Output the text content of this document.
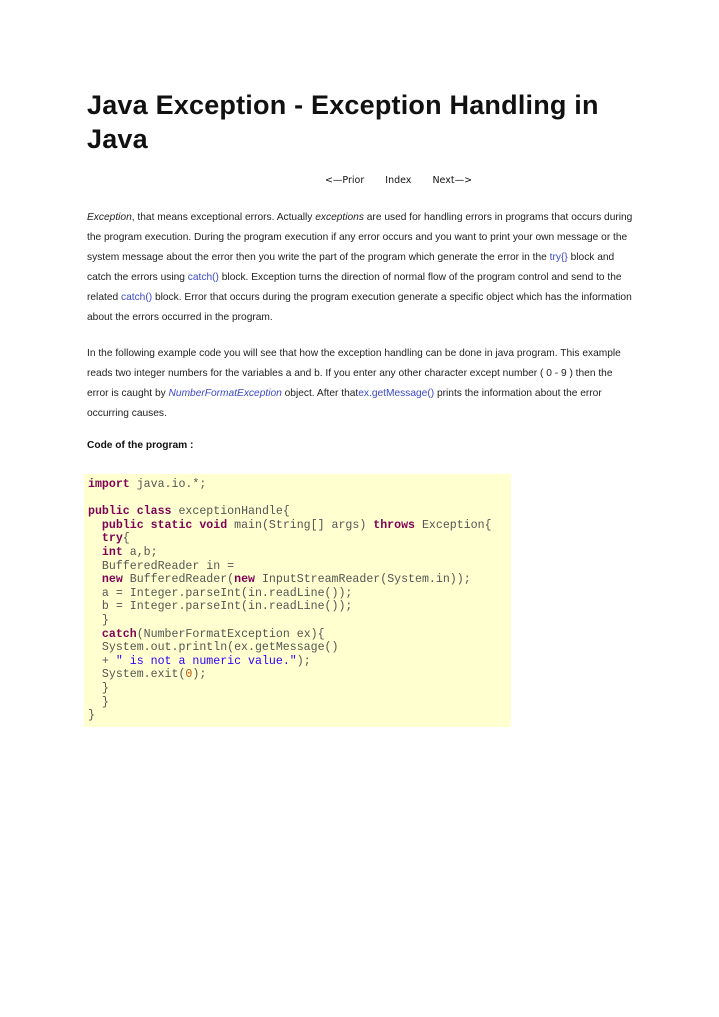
Java Exception - Exception Handling in Java
<—Prior Index Next—>
Exception, that means exceptional errors. Actually exceptions are used for handling errors in programs that occurs during the program execution. During the program execution if any error occurs and you want to print your own message or the system message about the error then you write the part of the program which generate the error in the try{} block and catch the errors using catch() block. Exception turns the direction of normal flow of the program control and send to the related catch() block. Error that occurs during the program execution generate a specific object which has the information about the errors occurred in the program.
In the following example code you will see that how the exception handling can be done in java program. This example reads two integer numbers for the variables a and b. If you enter any other character except number ( 0 - 9 ) then the error is caught by NumberFormatException object. After thatex.getMessage() prints the information about the error occurring causes.
Code of the program :
import java.io.*;

public class exceptionHandle{
public static void main(String[] args) throws Exception{
try{
int a,b;
BufferedReader in =
new BufferedReader(new InputStreamReader(System.in));
a = Integer.parseInt(in.readLine());
b = Integer.parseInt(in.readLine());
}
catch(NumberFormatException ex){
System.out.println(ex.getMessage()
+ " is not a numeric value.");
System.exit(0);
}
}
}
